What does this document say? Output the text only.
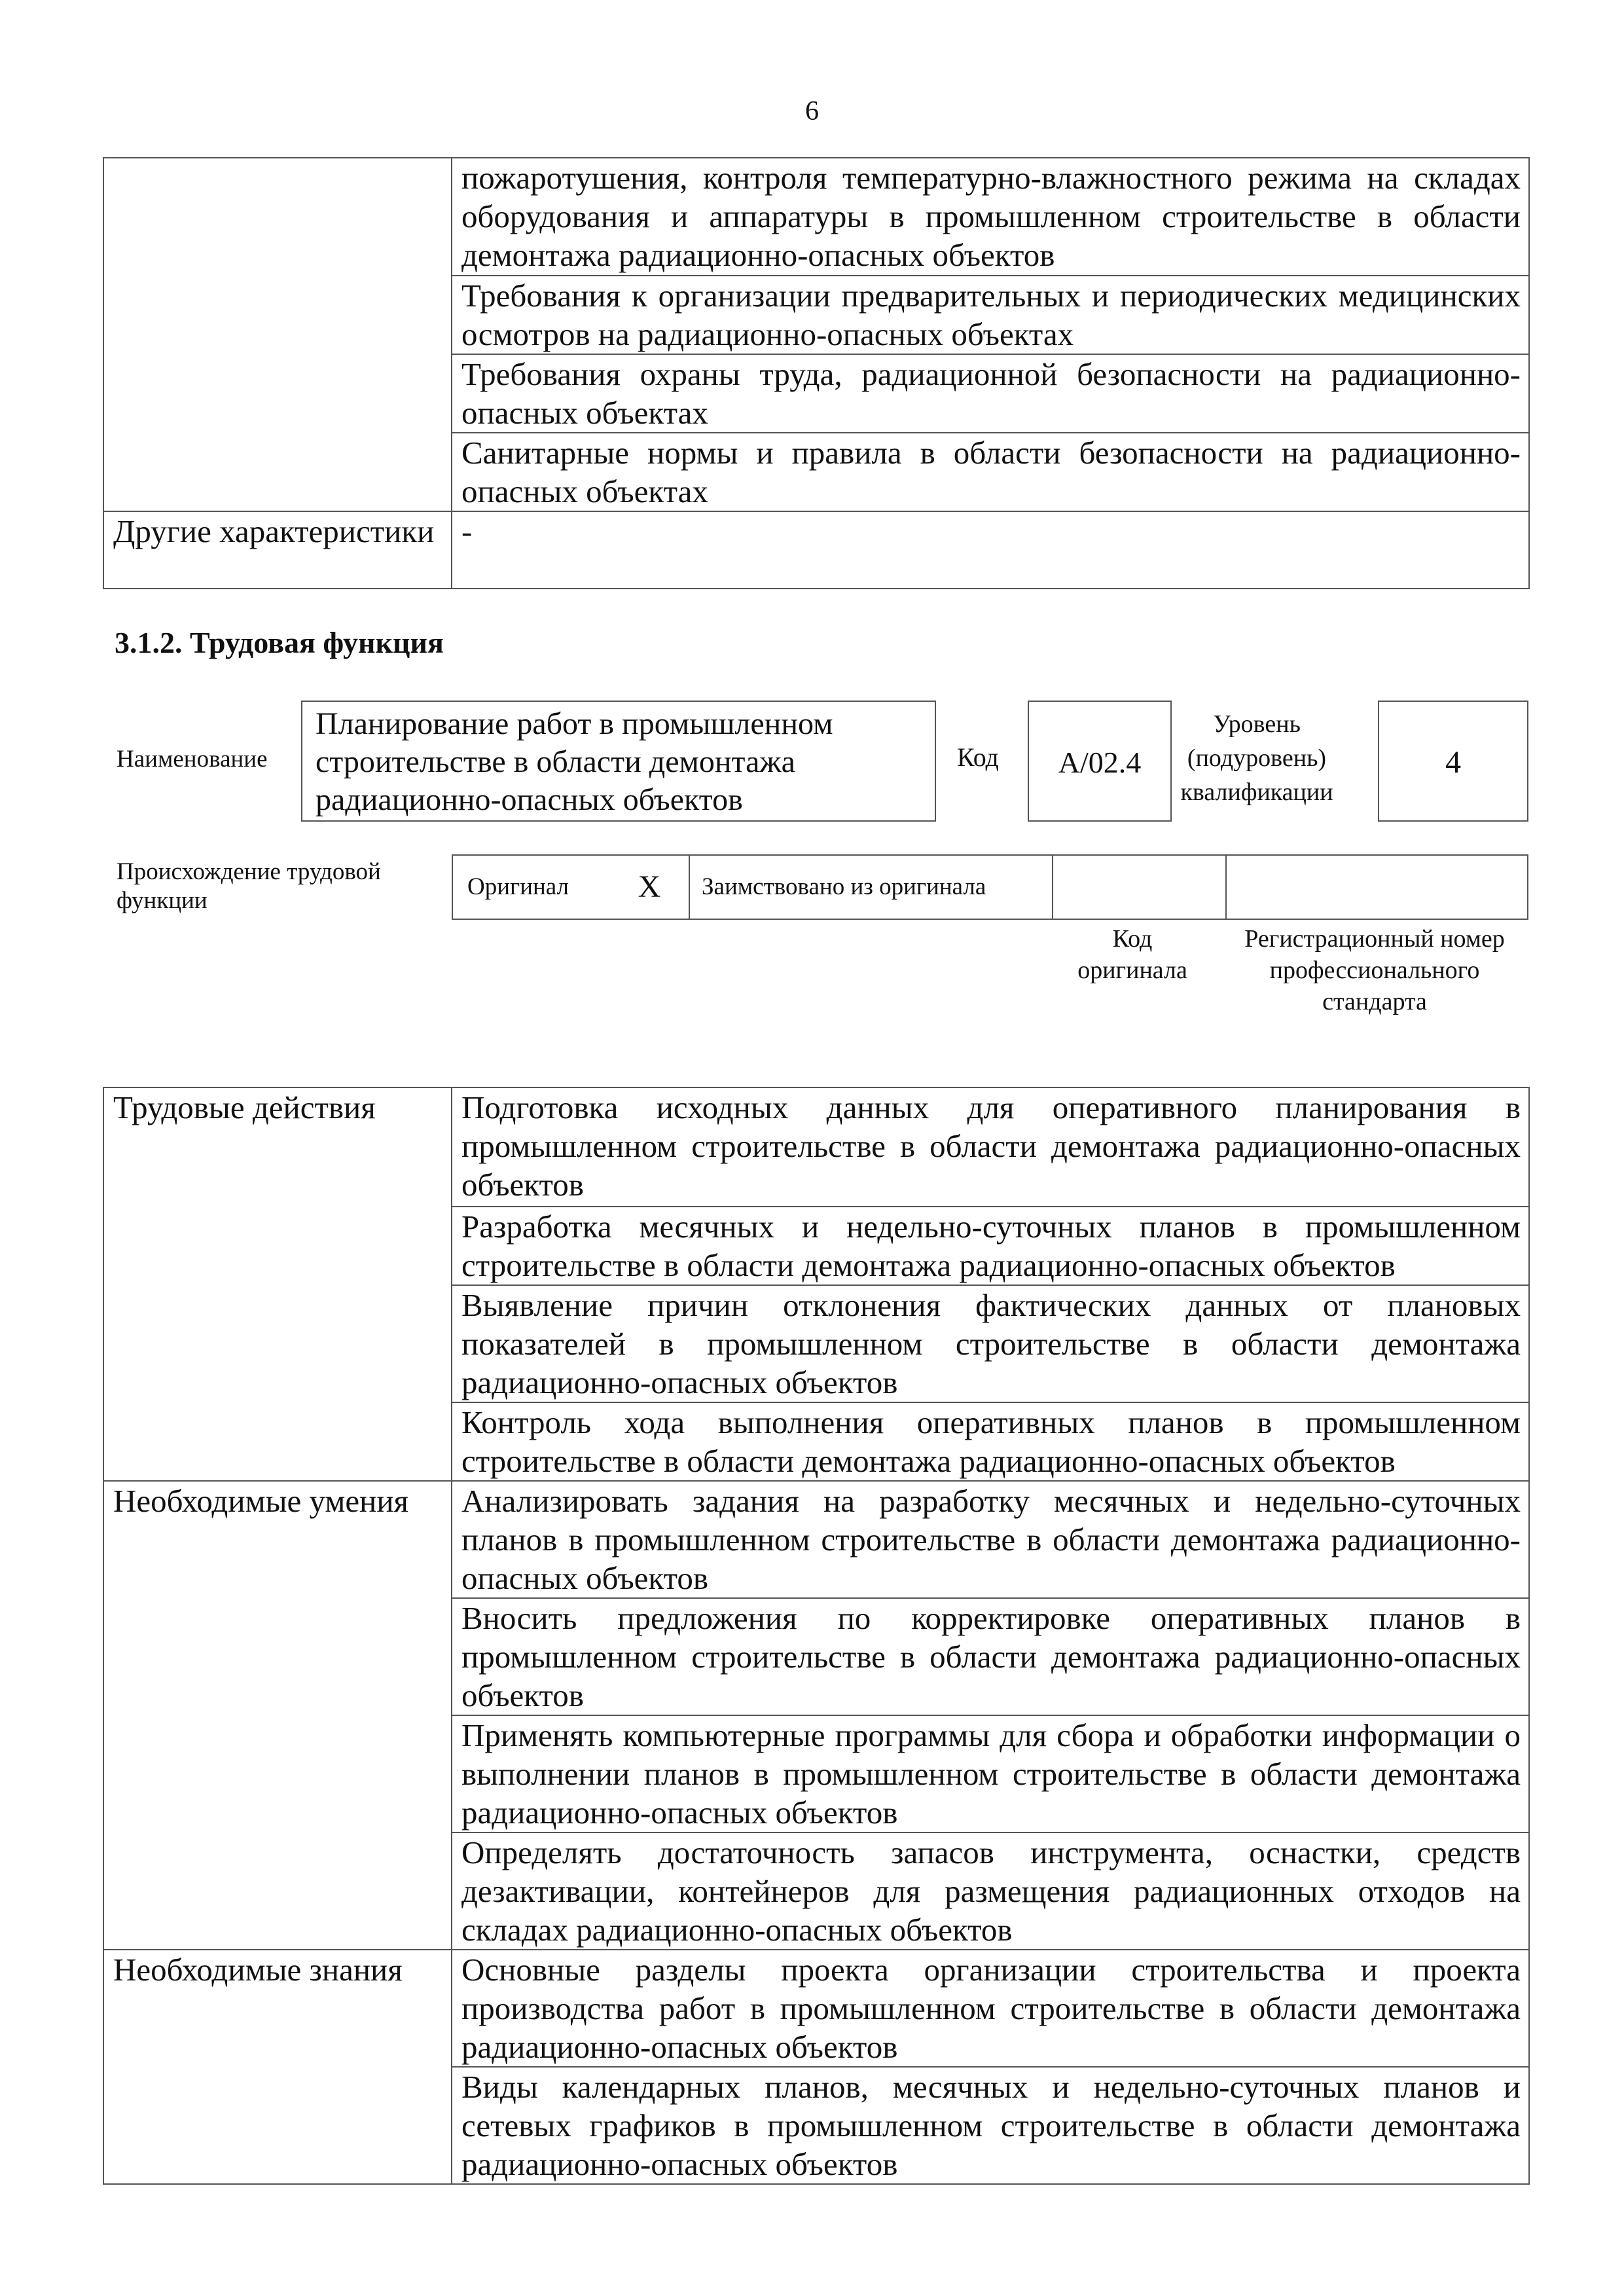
6
	пожаротушения, контроля температурно-влажностного режима на складах оборудования и аппаратуры в промышленном строительстве в области демонтажа радиационно-опасных объектов
	Требования к организации предварительных и периодических медицинских осмотров на радиационно-опасных объектах
	Требования охраны труда, радиационной безопасности на радиационно-опасных объектах
	Санитарные нормы и правила в области безопасности на радиационно-опасных объектах
Другие характеристики	-
3.1.2. Трудовая функция
Наименование
Планирование работ в промышленном строительстве в области демонтажа радиационно-опасных объектов
Код	А/02.4
Уровень (подуровень) квалификации
4
Происхождение трудовой функции
Оригинал	X	Заимствовано из оригинала
Код оригинала
Регистрационный номер профессионального стандарта
Трудовые действия	Подготовка исходных данных для оперативного планирования в промышленном строительстве в области демонтажа радиационно-опасных объектов
	Разработка месячных и недельно-суточных планов в промышленном строительстве в области демонтажа радиационно-опасных объектов
	Выявление причин отклонения фактических данных от плановых показателей в промышленном строительстве в области демонтажа радиационно-опасных объектов
	Контроль хода выполнения оперативных планов в промышленном строительстве в области демонтажа радиационно-опасных объектов
Необходимые умения	Анализировать задания на разработку месячных и недельно-суточных планов в промышленном строительстве в области демонтажа радиационно-опасных объектов
	Вносить предложения по корректировке оперативных планов в промышленном строительстве в области демонтажа радиационно-опасных объектов
	Применять компьютерные программы для сбора и обработки информации о выполнении планов в промышленном строительстве в области демонтажа радиационно-опасных объектов
	Определять достаточность запасов инструмента, оснастки, средств дезактивации, контейнеров для размещения радиационных отходов на складах радиационно-опасных объектов
Необходимые знания	Основные разделы проекта организации строительства и проекта производства работ в промышленном строительстве в области демонтажа радиационно-опасных объектов
	Виды календарных планов, месячных и недельно-суточных планов и сетевых графиков в промышленном строительстве в области демонтажа радиационно-опасных объектов
